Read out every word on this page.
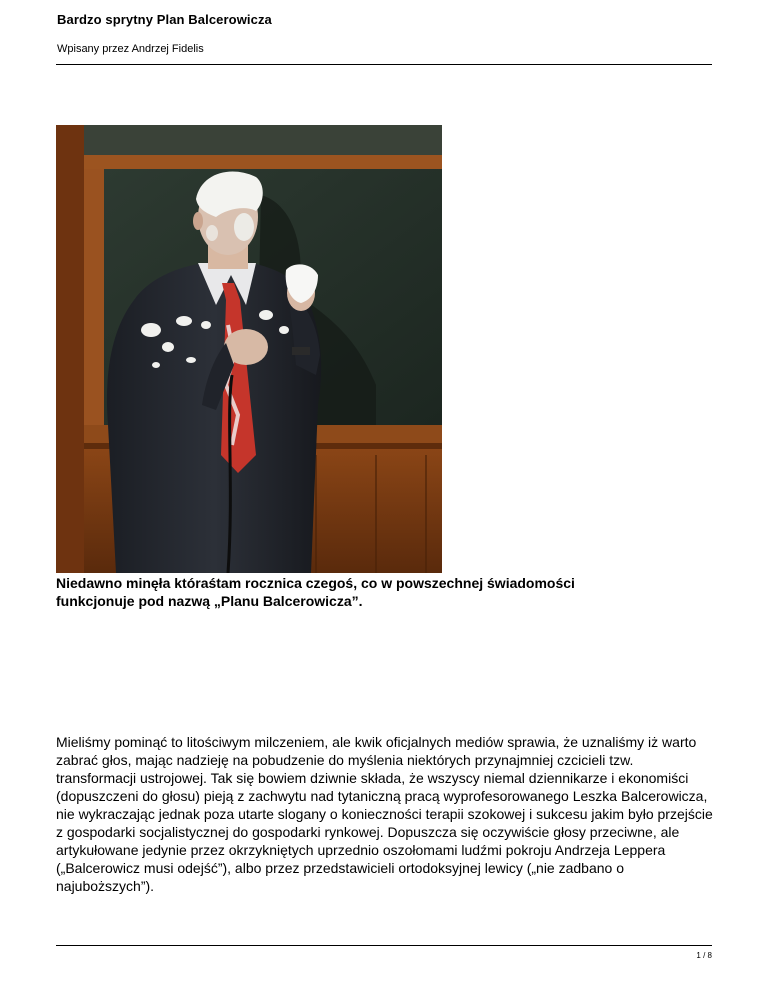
Bardzo sprytny Plan Balcerowicza
Wpisany przez Andrzej Fidelis
Niedawno minęła któraśtam rocznica czegoś, co w powszechnej świadomości funkcjonuje pod nazwą „Planu Balcerowicza”.
Mieliśmy pominąć to litościwym milczeniem, ale kwik oficjalnych mediów sprawia, że uznaliśmy iż warto zabrać głos, mając nadzieję na pobudzenie do myślenia niektórych przynajmniej czcicieli tzw. transformacji ustrojowej. Tak się bowiem dziwnie składa, że wszyscy niemal dziennikarze i ekonomiści (dopuszczeni do głosu) pieją z zachwytu nad tytaniczną pracą wyprofesorowanego Leszka Balcerowicza, nie wykraczając jednak poza utarte slogany o konieczności terapii szokowej i sukcesu jakim było przejście z gospodarki socjalistycznej do gospodarki rynkowej. Dopuszcza się oczywiście głosy przeciwne, ale artykułowane jedynie przez okrzykniętych uprzednio oszołomami ludźmi pokroju Andrzeja Leppera („Balcerowicz musi odejść”), albo przez przedstawicieli ortodoksyjnej lewicy („nie zadbano o najuboższych”).
1 / 8
